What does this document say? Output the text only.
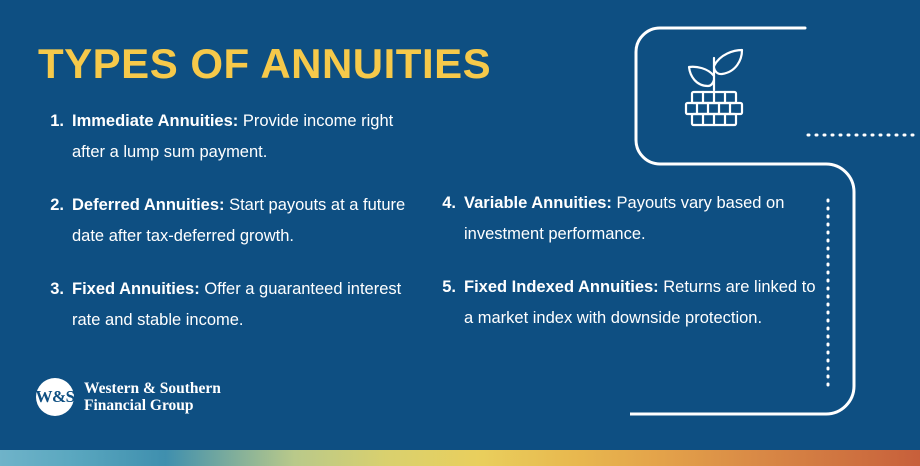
TYPES OF ANNUITIES
1. Immediate Annuities: Provide income right after a lump sum payment.
2. Deferred Annuities: Start payouts at a future date after tax-deferred growth.
3. Fixed Annuities: Offer a guaranteed interest rate and stable income.
4. Variable Annuities: Payouts vary based on investment performance.
5. Fixed Indexed Annuities: Returns are linked to a market index with downside protection.
W&S Western & Southern
Financial Group
